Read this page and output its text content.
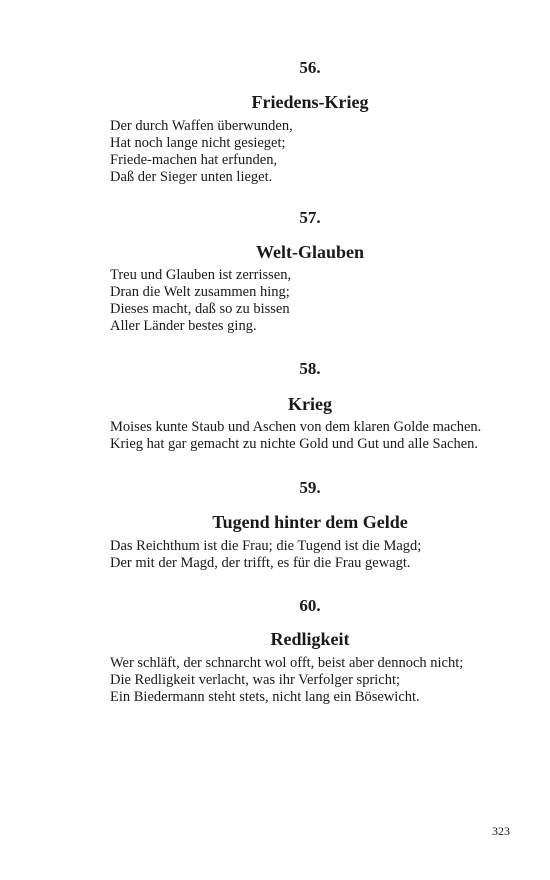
56.
Friedens-Krieg
Der durch Waffen überwunden,
Hat noch lange nicht gesieget;
Friede-machen hat erfunden,
Daß der Sieger unten lieget.
57.
Welt-Glauben
Treu und Glauben ist zerrissen,
Dran die Welt zusammen hing;
Dieses macht, daß so zu bissen
Aller Länder bestes ging.
58.
Krieg
Moises kunte Staub und Aschen von dem klaren Golde machen.
Krieg hat gar gemacht zu nichte Gold und Gut und alle Sachen.
59.
Tugend hinter dem Gelde
Das Reichthum ist die Frau; die Tugend ist die Magd;
Der mit der Magd, der trifft, es für die Frau gewagt.
60.
Redligkeit
Wer schläft, der schnarcht wol offt, beist aber dennoch nicht;
Die Redligkeit verlacht, was ihr Verfolger spricht;
Ein Biedermann steht stets, nicht lang ein Bösewicht.
323
